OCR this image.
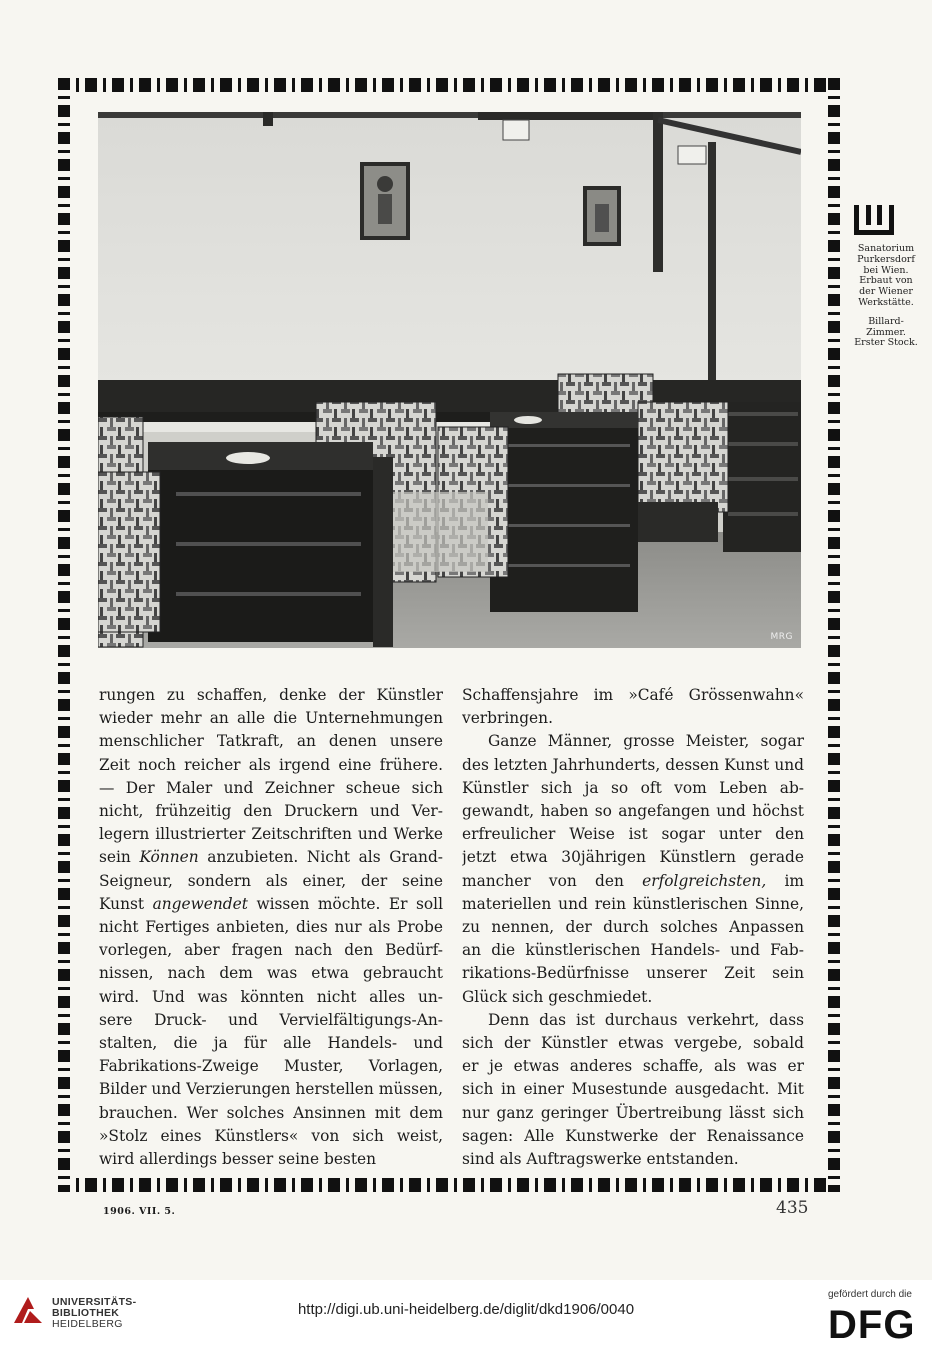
MRG
Sanatorium
Purkersdorf
bei Wien.
Erbaut von
der Wiener
Werkstätte.
Billard-
Zimmer.
Erster Stock.
rungen zu schaffen, denke der Künstler
wieder mehr an alle die Unternehmungen
menschlicher Tatkraft, an denen unsere
Zeit noch reicher als irgend eine frühere.
— Der Maler und Zeichner scheue sich
nicht, frühzeitig den Druckern und Ver-
legern illustrierter Zeitschriften und Werke
sein Können anzubieten. Nicht als Grand-
Seigneur, sondern als einer, der seine
Kunst angewendet wissen möchte. Er soll
nicht Fertiges anbieten, dies nur als Probe
vorlegen, aber fragen nach den Bedürf-
nissen, nach dem was etwa gebraucht
wird. Und was könnten nicht alles un-
sere Druck- und Vervielfältigungs-An-
stalten, die ja für alle Handels- und
Fabrikations-Zweige Muster, Vorlagen,
Bilder und Verzierungen herstellen müssen,
brauchen. Wer solches Ansinnen mit dem
»Stolz eines Künstlers« von sich weist,
wird allerdings besser seine besten
Schaffensjahre im »Café Grössenwahn«
verbringen.
Ganze Männer, grosse Meister, sogar
des letzten Jahrhunderts, dessen Kunst und
Künstler sich ja so oft vom Leben ab-
gewandt, haben so angefangen und höchst
erfreulicher Weise ist sogar unter den
jetzt etwa 30jährigen Künstlern gerade
mancher von den erfolgreichsten, im
materiellen und rein künstlerischen Sinne,
zu nennen, der durch solches Anpassen
an die künstlerischen Handels- und Fab-
rikations-Bedürfnisse unserer Zeit sein
Glück sich geschmiedet.
Denn das ist durchaus verkehrt, dass
sich der Künstler etwas vergebe, sobald
er je etwas anderes schaffe, als was er
sich in einer Musestunde ausgedacht. Mit
nur ganz geringer Übertreibung lässt sich
sagen: Alle Kunstwerke der Renaissance
sind als Auftragswerke entstanden.
1906. VII. 5.	435
UNIVERSITÄTS-
BIBLIOTHEK
HEIDELBERG
http://digi.ub.uni-heidelberg.de/diglit/dkd1906/0040
gefördert durch die
DFG
